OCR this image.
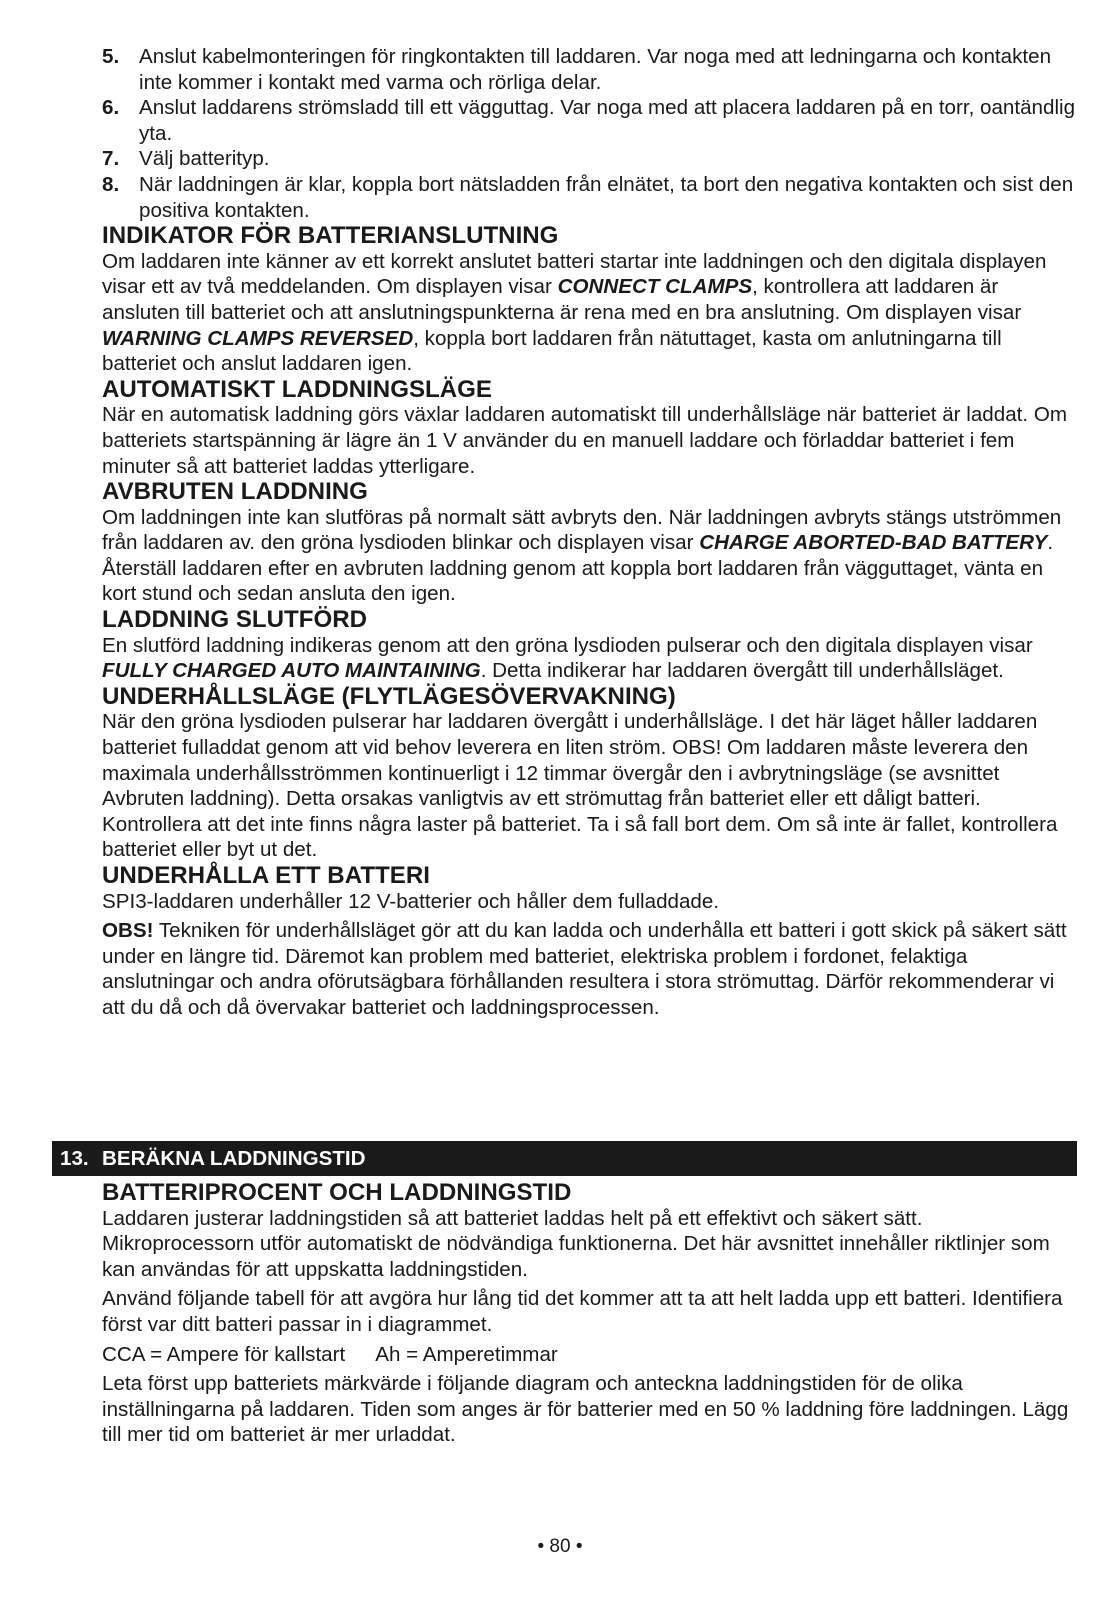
5. Anslut kabelmonteringen för ringkontakten till laddaren. Var noga med att ledningarna och kontakten inte kommer i kontakt med varma och rörliga delar.
6. Anslut laddarens strömsladd till ett vägguttag. Var noga med att placera laddaren på en torr, oantändlig yta.
7. Välj batterityp.
8. När laddningen är klar, koppla bort nätsladden från elnätet, ta bort den negativa kontakten och sist den positiva kontakten.
INDIKATOR FÖR BATTERIANSLUTNING

Om laddaren inte känner av ett korrekt anslutet batteri startar inte laddningen och den digitala displayen visar ett av två meddelanden. Om displayen visar CONNECT CLAMPS, kontrollera att laddaren är ansluten till batteriet och att anslutningspunkterna är rena med en bra anslutning. Om displayen visar WARNING CLAMPS REVERSED, koppla bort laddaren från nätuttaget, kasta om anlutningarna till batteriet och anslut laddaren igen.

AUTOMATISKT LADDNINGSLÄGE

När en automatisk laddning görs växlar laddaren automatiskt till underhållsläge när batteriet är laddat. Om batteriets startspänning är lägre än 1 V använder du en manuell laddare och förladdar batteriet i fem minuter så att batteriet laddas ytterligare.

AVBRUTEN LADDNING

Om laddningen inte kan slutföras på normalt sätt avbryts den. När laddningen avbryts stängs utströmmen från laddaren av. den gröna lysdioden blinkar och displayen visar CHARGE ABORTED-BAD BATTERY. Återställ laddaren efter en avbruten laddning genom att koppla bort laddaren från vägguttaget, vänta en kort stund och sedan ansluta den igen.

LADDNING SLUTFÖRD

En slutförd laddning indikeras genom att den gröna lysdioden pulserar och den digitala displayen visar FULLY CHARGED AUTO MAINTAINING. Detta indikerar har laddaren övergått till underhållsläget.

UNDERHÅLLSLÄGE (FLYTLÄGESÖVERVAKNING)

När den gröna lysdioden pulserar har laddaren övergått i underhållsläge. I det här läget håller laddaren batteriet fulladdat genom att vid behov leverera en liten ström. OBS! Om laddaren måste leverera den maximala underhållsströmmen kontinuerligt i 12 timmar övergår den i avbrytningsläge (se avsnittet Avbruten laddning). Detta orsakas vanligtvis av ett strömuttag från batteriet eller ett dåligt batteri. Kontrollera att det inte finns några laster på batteriet. Ta i så fall bort dem. Om så inte är fallet, kontrollera batteriet eller byt ut det.

UNDERHÅLLA ETT BATTERI

SPI3-laddaren underhåller 12 V-batterier och håller dem fulladdade.

OBS! Tekniken för underhållsläget gör att du kan ladda och underhålla ett batteri i gott skick på säkert sätt under en längre tid. Däremot kan problem med batteriet, elektriska problem i fordonet, felaktiga anslutningar och andra oförutsägbara förhållanden resultera i stora strömuttag. Därför rekommenderar vi att du då och då övervakar batteriet och laddningsprocessen.

13. BERÄKNA LADDNINGSTID
BATTERIPROCENT OCH LADDNINGSTID

Laddaren justerar laddningstiden så att batteriet laddas helt på ett effektivt och säkert sätt. Mikroprocessorn utför automatiskt de nödvändiga funktionerna. Det här avsnittet innehåller riktlinjer som kan användas för att uppskatta laddningstiden.

Använd följande tabell för att avgöra hur lång tid det kommer att ta att helt ladda upp ett batteri. Identifiera först var ditt batteri passar in i diagrammet.

CCA = Ampere för kallstart Ah = Amperetimmar

Leta först upp batteriets märkvärde i följande diagram och anteckna laddningstiden för de olika inställningarna på laddaren. Tiden som anges är för batterier med en 50 % laddning före laddningen. Lägg till mer tid om batteriet är mer urladdat.

• 80 •
